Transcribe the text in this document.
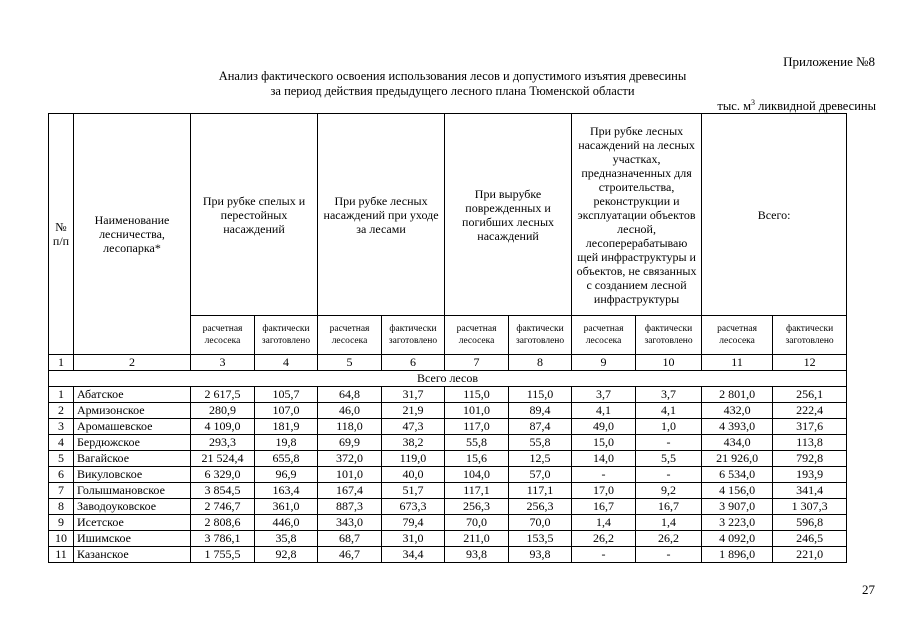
Приложение №8
Анализ фактического освоения использования лесов и допустимого изъятия древесины
за период действия предыдущего лесного плана Тюменской области
тыс. $м^3$ ликвидной древесины
№ п/п	Наименование лесничества, лесопарка*	При рубке спелых и перестойных насаждений		При рубке лесных насаждений при уходе за лесами		При вырубке поврежденных и погибших лесных насаждений		При рубке лесных насаждений на лесных участках, предназначенных для строительства, реконструкции и эксплуатации объектов лесной, лесоперерабатываю щей инфраструктуры и объектов, не связанных с созданием лесной инфраструктуры		Всего:	
		расчетная лесосека	фактически заготовлено	расчетная лесосека	фактически заготовлено	расчетная лесосека	фактически заготовлено	расчетная лесосека	фактически заготовлено	расчетная лесосека	фактически заготовлено
1	2	3	4	5	6	7	8	9	10	11	12
Всего лесов											
1	Абатское	2 617,5	105,7	64,8	31,7	115,0	115,0	3,7	3,7	2 801,0	256,1
2	Армизонское	280,9	107,0	46,0	21,9	101,0	89,4	4,1	4,1	432,0	222,4
3	Аромашевское	4 109,0	181,9	118,0	47,3	117,0	87,4	49,0	1,0	4 393,0	317,6
4	Бердюжское	293,3	19,8	69,9	38,2	55,8	55,8	15,0	-	434,0	113,8
5	Вагайское	21 524,4	655,8	372,0	119,0	15,6	12,5	14,0	5,5	21 926,0	792,8
6	Викуловское	6 329,0	96,9	101,0	40,0	104,0	57,0	-	-	6 534,0	193,9
7	Голышмановское	3 854,5	163,4	167,4	51,7	117,1	117,1	17,0	9,2	4 156,0	341,4
8	Заводоуковское	2 746,7	361,0	887,3	673,3	256,3	256,3	16,7	16,7	3 907,0	1 307,3
9	Исетское	2 808,6	446,0	343,0	79,4	70,0	70,0	1,4	1,4	3 223,0	596,8
10	Ишимское	3 786,1	35,8	68,7	31,0	211,0	153,5	26,2	26,2	4 092,0	246,5
11	Казанское	1 755,5	92,8	46,7	34,4	93,8	93,8	-	-	1 896,0	221,0
27
